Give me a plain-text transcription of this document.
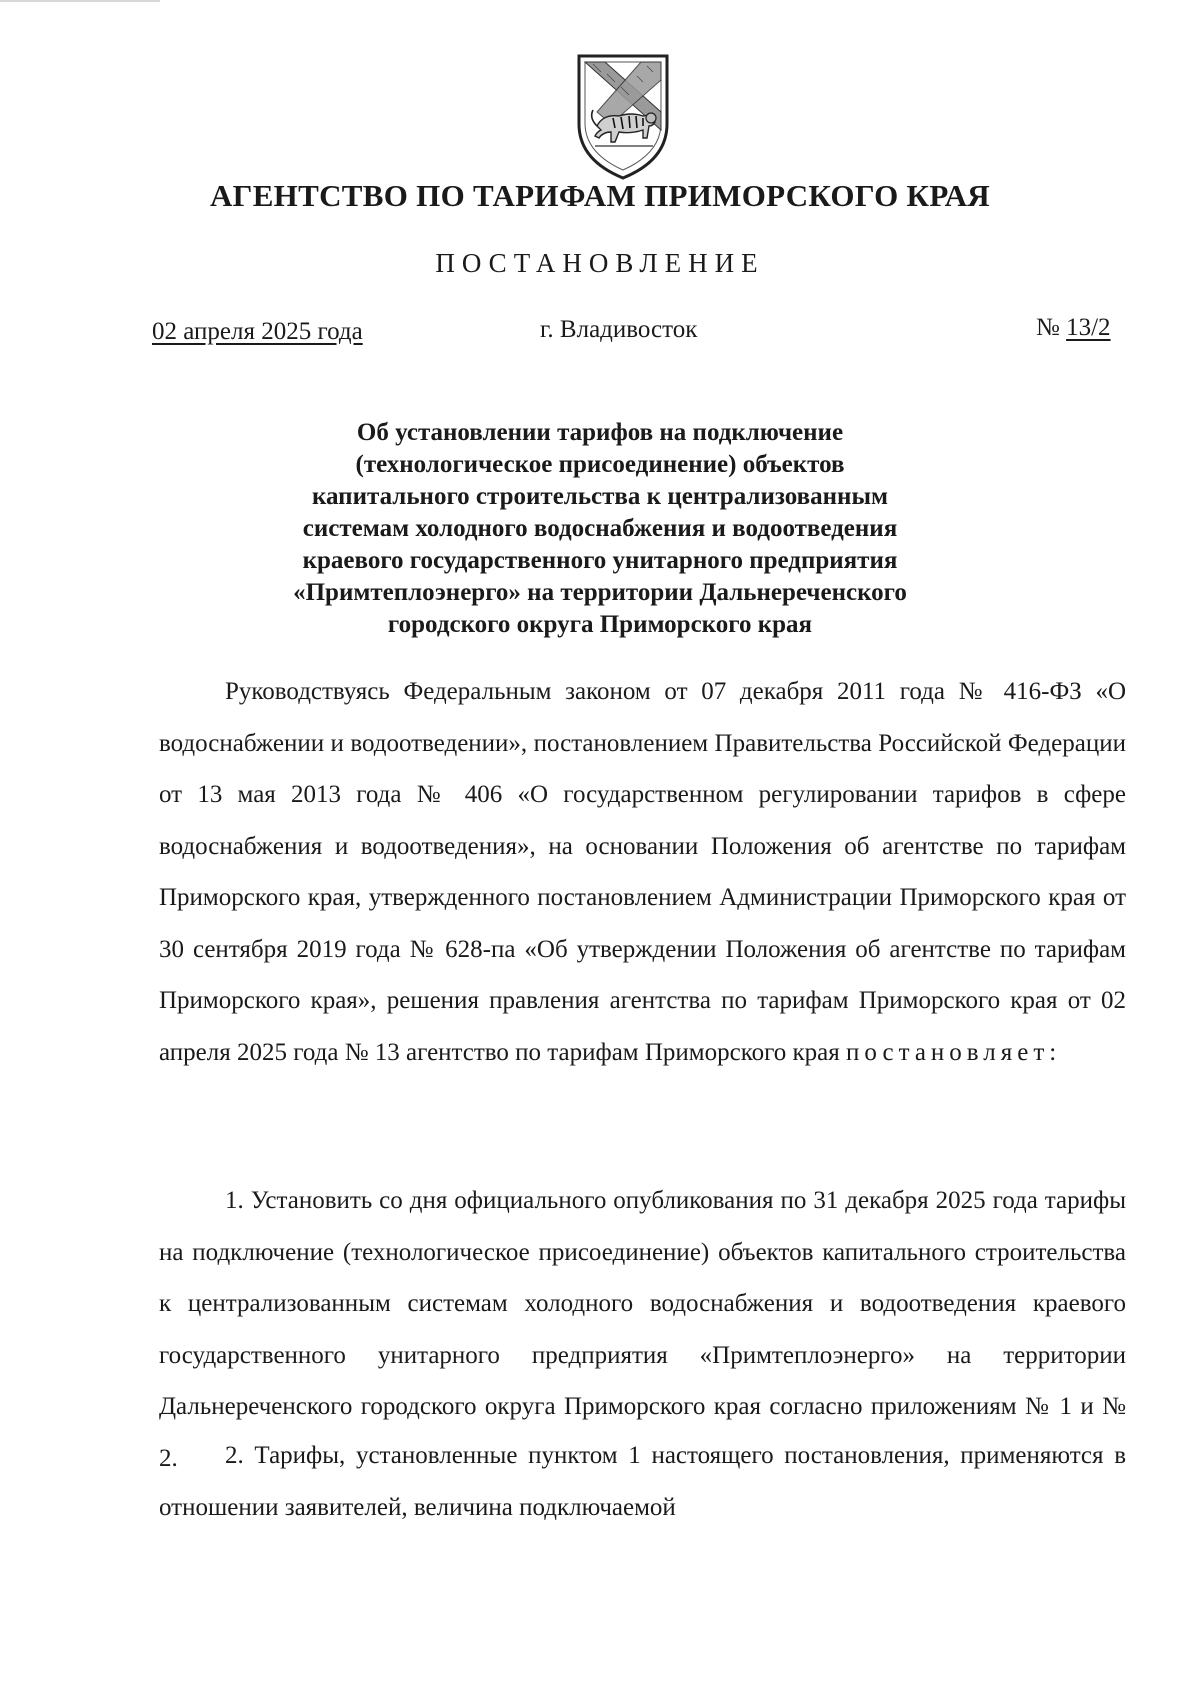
АГЕНТСТВО ПО ТАРИФАМ ПРИМОРСКОГО КРАЯ
ПОСТАНОВЛЕНИЕ
02 апреля 2025 года	г. Владивосток	№ 13/2
Об установлении тарифов на подключение
(технологическое присоединение) объектов
капитального строительства к централизованным
системам холодного водоснабжения и водоотведения
краевого государственного унитарного предприятия
«Примтеплоэнерго» на территории Дальнереченского
городского округа Приморского края

Руководствуясь Федеральным законом от 07 декабря 2011 года № 416-ФЗ «О водоснабжении и водоотведении», постановлением Правительства Российской Федерации от 13 мая 2013 года № 406 «О государственном регулировании тарифов в сфере водоснабжения и водоотведения», на основании Положения об агентстве по тарифам Приморского края, утвержденного постановлением Администрации Приморского края от 30 сентября 2019 года № 628-па «Об утверждении Положения об агентстве по тарифам Приморского края», решения правления агентства по тарифам Приморского края от 02 апреля 2025 года № 13 агентство по тарифам Приморского края постановляет:

1. Установить со дня официального опубликования по 31 декабря 2025 года тарифы на подключение (технологическое присоединение) объектов капитального строительства к централизованным системам холодного водоснабжения и водоотведения краевого государственного унитарного предприятия «Примтеплоэнерго» на территории Дальнереченского городского округа Приморского края согласно приложениям № 1 и № 2.	2. Тарифы, установленные пунктом 1 настоящего постановления, применяются в отношении заявителей, величина подключаемой
